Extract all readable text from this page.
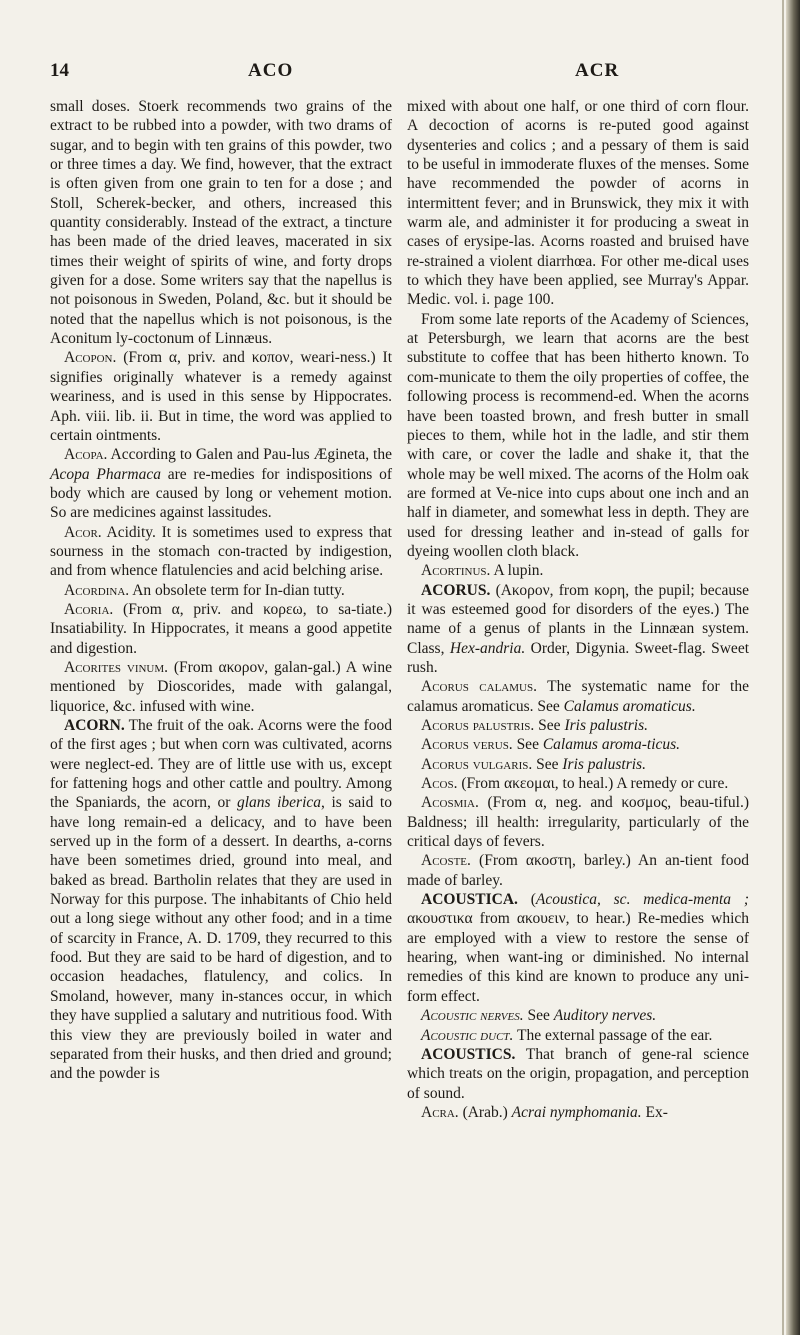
14	ACO	ACR

small doses. Stoerk recommends two grains of the extract to be rubbed into a powder, with two drams of sugar, and to begin with ten grains of this powder, two or three times a day. We find, however, that the extract is often given from one grain to ten for a dose ; and Stoll, Scherek-becker, and others, increased this quantity considerably. Instead of the extract, a tincture has been made of the dried leaves, macerated in six times their weight of spirits of wine, and forty drops given for a dose. Some writers say that the napellus is not poisonous in Sweden, Poland, &c. but it should be noted that the napellus which is not poisonous, is the Aconitum ly-coctonum of Linnæus.

Acopon. (From α, priv. and κοπον, weari-ness.) It signifies originally whatever is a remedy against weariness, and is used in this sense by Hippocrates. Aph. viii. lib. ii. But in time, the word was applied to certain ointments.

Acopa. According to Galen and Pau-lus Ægineta, the Acopa Pharmaca are re-medies for indispositions of body which are caused by long or vehement motion. So are medicines against lassitudes.

Acor. Acidity. It is sometimes used to express that sourness in the stomach con-tracted by indigestion, and from whence flatulencies and acid belching arise.

Acordina. An obsolete term for In-dian tutty.

Acoria. (From α, priv. and κορεω, to sa-tiate.) Insatiability. In Hippocrates, it means a good appetite and digestion.

Acorites vinum. (From ακορον, galan-gal.) A wine mentioned by Dioscorides, made with galangal, liquorice, &c. infused with wine.

ACORN. The fruit of the oak. Acorns were the food of the first ages ; but when corn was cultivated, acorns were neglect-ed. They are of little use with us, except for fattening hogs and other cattle and poultry. Among the Spaniards, the acorn, or glans iberica, is said to have long remain-ed a delicacy, and to have been served up in the form of a dessert. In dearths, a-corns have been sometimes dried, ground into meal, and baked as bread. Bartholin relates that they are used in Norway for this purpose. The inhabitants of Chio held out a long siege without any other food; and in a time of scarcity in France, A. D. 1709, they recurred to this food. But they are said to be hard of digestion, and to occasion headaches, flatulency, and colics. In Smoland, however, many in-stances occur, in which they have supplied a salutary and nutritious food. With this view they are previously boiled in water and separated from their husks, and then dried and ground; and the powder is

mixed with about one half, or one third of corn flour. A decoction of acorns is re-puted good against dysenteries and colics ; and a pessary of them is said to be useful in immoderate fluxes of the menses. Some have recommended the powder of acorns in intermittent fever; and in Brunswick, they mix it with warm ale, and administer it for producing a sweat in cases of erysipe-las. Acorns roasted and bruised have re-strained a violent diarrhœa. For other me-dical uses to which they have been applied, see Murray's Appar. Medic. vol. i. page 100.

From some late reports of the Academy of Sciences, at Petersburgh, we learn that acorns are the best substitute to coffee that has been hitherto known. To com-municate to them the oily properties of coffee, the following process is recommend-ed. When the acorns have been toasted brown, and fresh butter in small pieces to them, while hot in the ladle, and stir them with care, or cover the ladle and shake it, that the whole may be well mixed. The acorns of the Holm oak are formed at Ve-nice into cups about one inch and an half in diameter, and somewhat less in depth. They are used for dressing leather and in-stead of galls for dyeing woollen cloth black.

Acortinus. A lupin.

ACORUS. (Ακορον, from κορη, the pupil; because it was esteemed good for disorders of the eyes.) The name of a genus of plants in the Linnæan system. Class, Hex-andria. Order, Digynia. Sweet-flag. Sweet rush.

Acorus calamus. The systematic name for the calamus aromaticus. See Calamus aromaticus.

Acorus palustris. See Iris palustris.

Acorus verus. See Calamus aroma-ticus.

Acorus vulgaris. See Iris palustris.

Acos. (From ακεομαι, to heal.) A remedy or cure.

Acosmia. (From α, neg. and κοσμος, beau-tiful.) Baldness; ill health: irregularity, particularly of the critical days of fevers.

Acoste. (From ακοστη, barley.) An an-tient food made of barley.

ACOUSTICA. (Acoustica, sc. medica-menta ; ακουστικα from ακουειν, to hear.) Re-medies which are employed with a view to restore the sense of hearing, when want-ing or diminished. No internal remedies of this kind are known to produce any uni-form effect.

Acoustic nerves. See Auditory nerves.

Acoustic duct. The external passage of the ear.

ACOUSTICS. That branch of gene-ral science which treats on the origin, propagation, and perception of sound.

Acra. (Arab.) Acrai nymphomania. Ex-
